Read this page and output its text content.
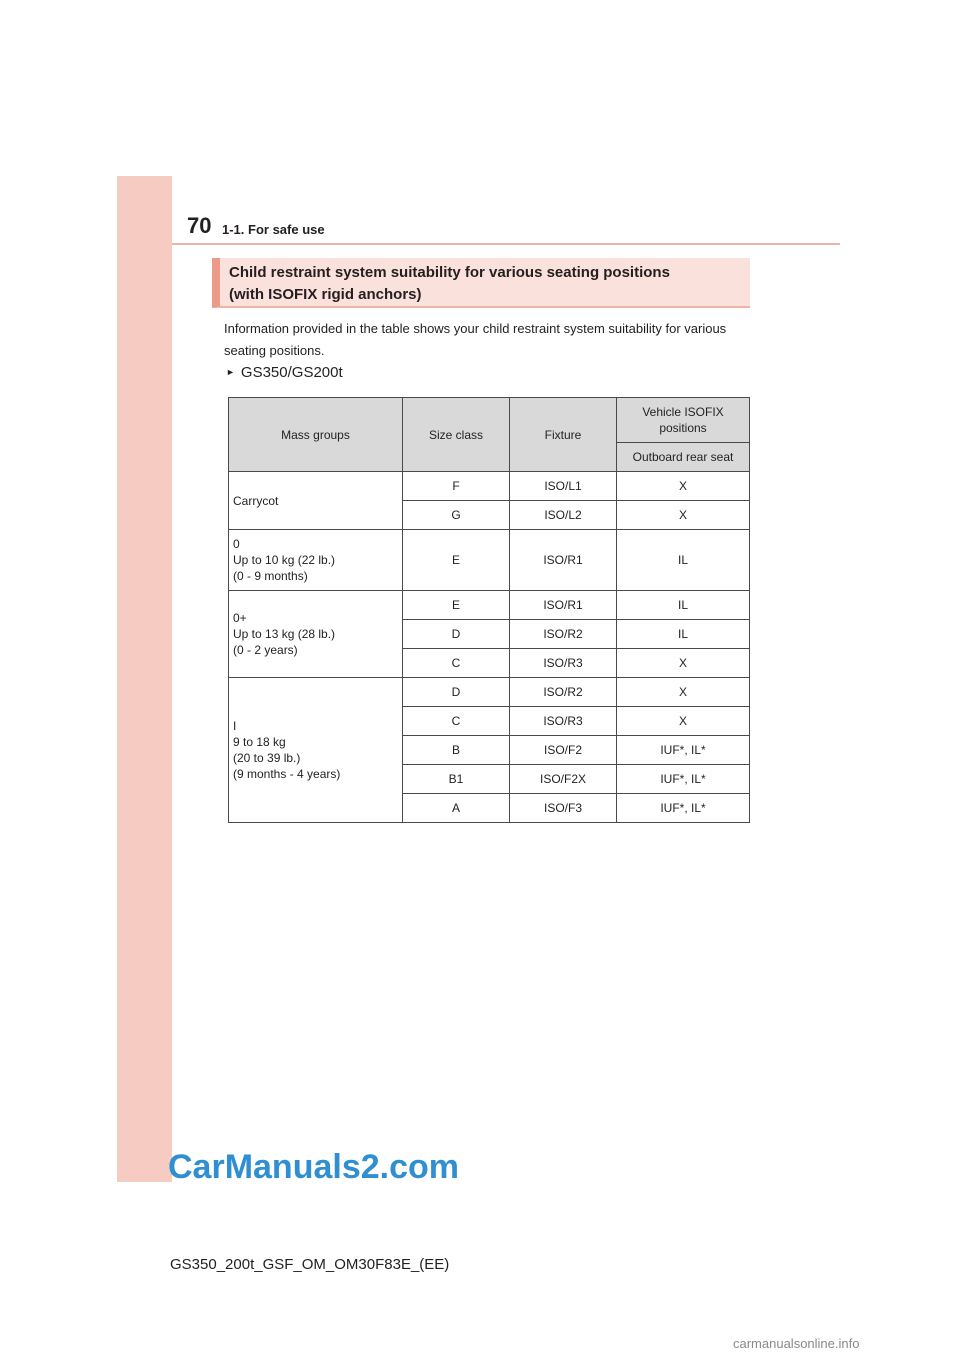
70 1-1. For safe use
Child restraint system suitability for various seating positions
(with ISOFIX rigid anchors)
Information provided in the table shows your child restraint system suitability for various seating positions.
► GS350/GS200t
Mass groups	Size class	Fixture	Vehicle ISOFIX positions
			Outboard rear seat

Carrycot	F	ISO/L1	X
	G	ISO/L2	X

0
Up to 10 kg (22 lb.)
(0 - 9 months)	E	ISO/R1	IL

0+
Up to 13 kg (28 lb.)
(0 - 2 years)	E	ISO/R1	IL
	D	ISO/R2	IL
	C	ISO/R3	X

I
9 to 18 kg
(20 to 39 lb.)
(9 months - 4 years)	D	ISO/R2	X
	C	ISO/R3	X
	B	ISO/F2	IUF*, IL*
	B1	ISO/F2X	IUF*, IL*
	A	ISO/F3	IUF*, IL*
CarManuals2.com
GS350_200t_GSF_OM_OM30F83E_(EE)
carmanualsonline.info
